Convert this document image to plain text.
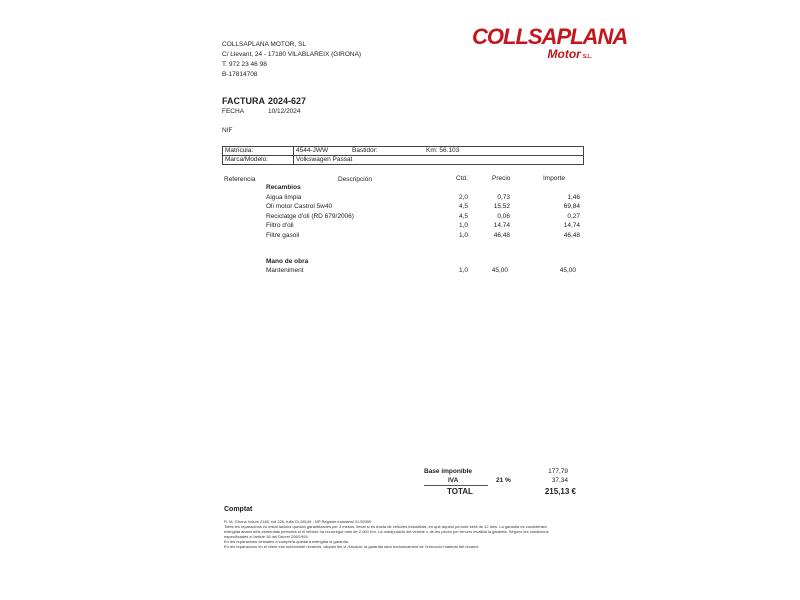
COLLSAPLANA MOTOR, SL
C/ Llevant, 24 - 17180 VILABLAREIX (GIRONA)
T. 972 23 46 98
B-17814708
COLLSAPLANA
Motor S.L.
FACTURA 2024-627
FECHA	10/12/2024
NIF
Matricula:	4544-JWW	Bastidor:	Km: 56.103
Marca/Modelo:	Volkswagen Passat		
Referencia	Descripción	Ctd.	Precio	Importe
Recambios
Aigua limpia	2,0	0,73	1,46
Oli motor Castrol 5w40	4,5	15,52	69,84
Reciclatge d'oli (RD 679/2006)	4,5	0,06	0,27
Filtro d'oli	1,0	14,74	14,74
Filtre gasoil	1,0	46,48	46,48
Mano de obra
Manteniment	1,0	45,00	45,00
Base imponible	177,79
IVA	21 %	37,34
TOTAL	215,13 €
Comptat
R. M. Girona Volum 2165, foli 226, fulla GI-38149 - NP Registre industrial GI-59359
Totes les reparacions i/o instal·lacions quedan garantitzades per 3 mesos, llevat si es tracta de vehicles industrials, en qué aquest període serà de 12 dies. La garantia es considerarà
extingida abans dels esmentats períodes si el vehicle ha recorregut més de 2.000 Km. La manipulació del vehicle o de les peces per tercers invalida la garantia. Segons les condicions
especificades a l'article 16 del Decret 206/1994.
En les reparacions deixades a compte/a quedarà extingida la garantia.
En les reparacions en el client ens subministri recanvis, oliques les vi d'avació, la garantia serà exclusivament de l'execució material del recanvi.
